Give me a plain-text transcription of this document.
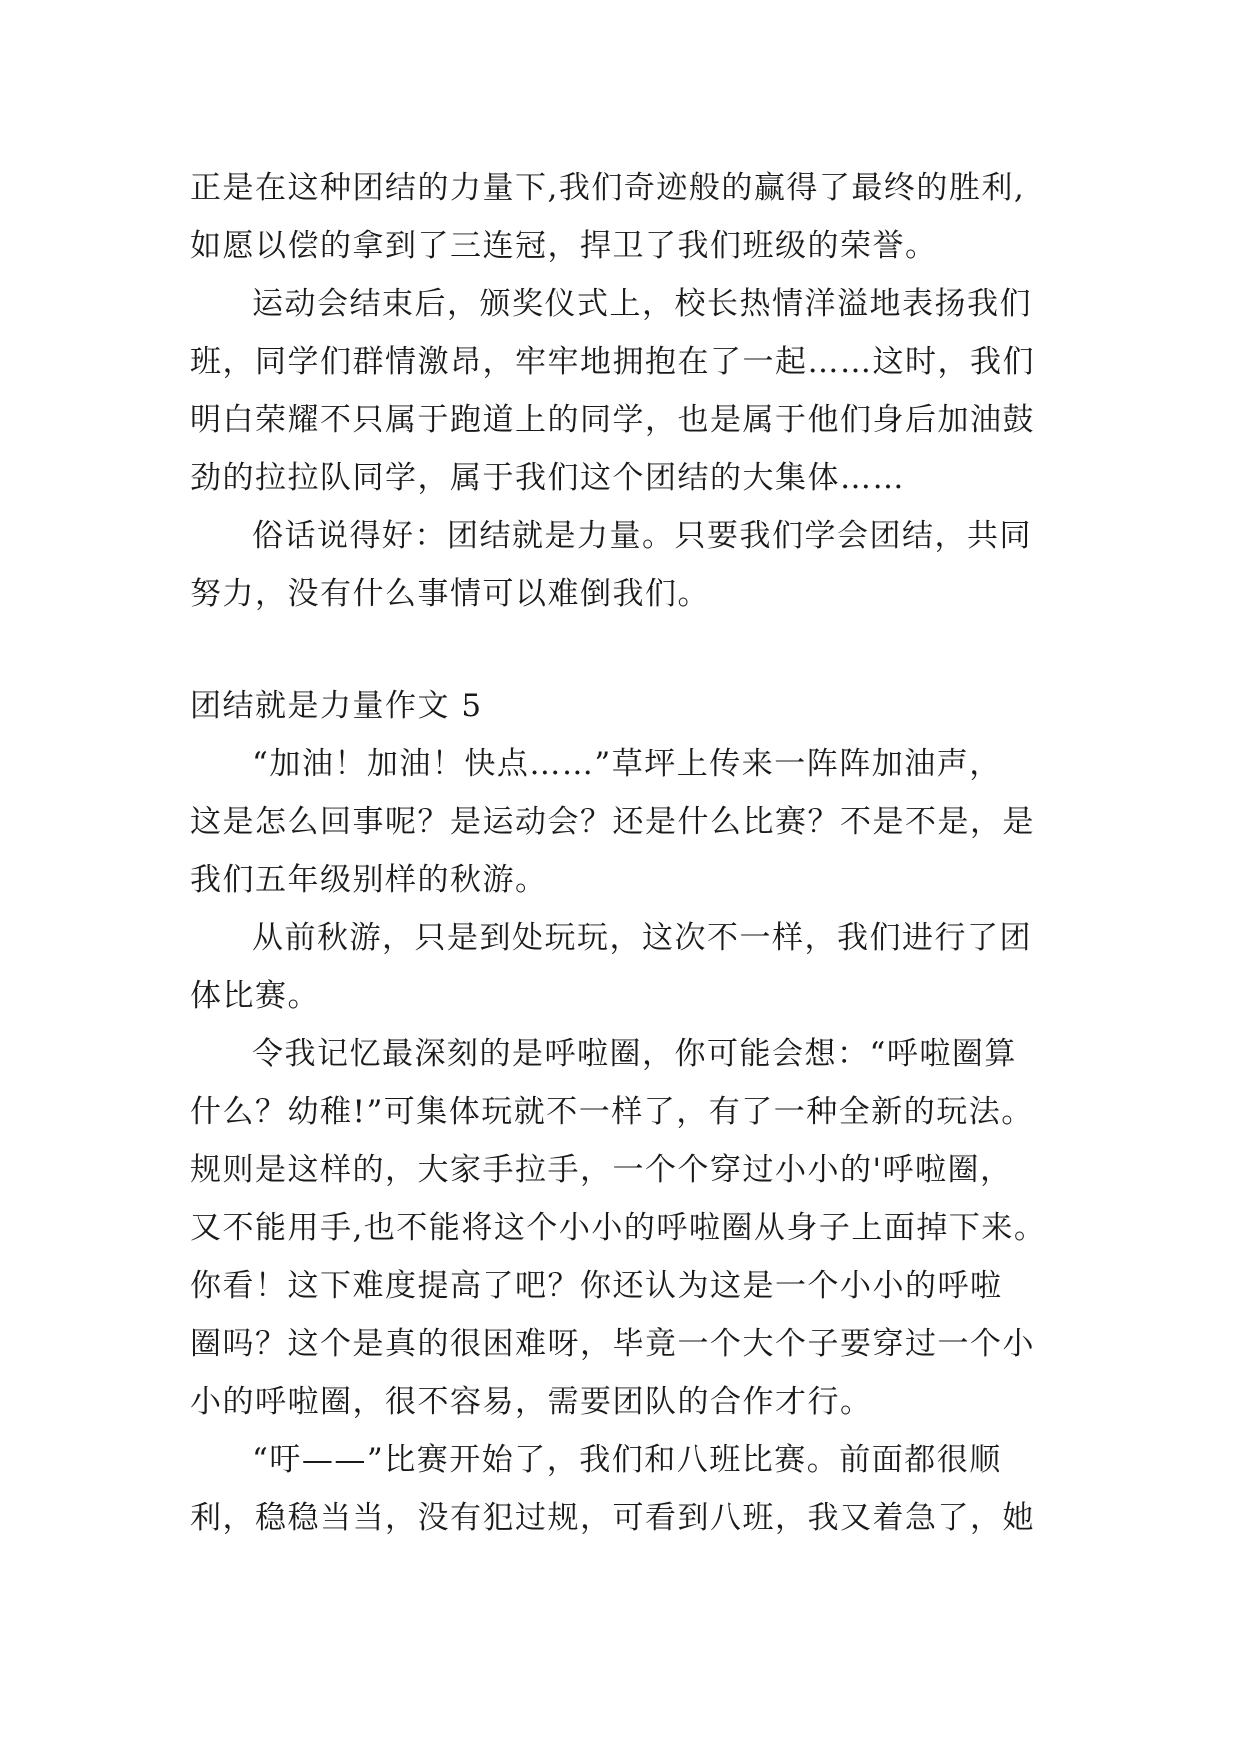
正是在这种团结的力量下,我们奇迹般的赢得了最终的胜利,
如愿以偿的拿到了三连冠，捍卫了我们班级的荣誉。
运动会结束后，颁奖仪式上，校长热情洋溢地表扬我们
班，同学们群情激昂，牢牢地拥抱在了一起……这时，我们
明白荣耀不只属于跑道上的同学，也是属于他们身后加油鼓
劲的拉拉队同学，属于我们这个团结的大集体……
俗话说得好：团结就是力量。只要我们学会团结，共同
努力，没有什么事情可以难倒我们。
团结就是力量作文 5
“加油！加油！快点……”草坪上传来一阵阵加油声，
这是怎么回事呢？是运动会？还是什么比赛？不是不是，是
我们五年级别样的秋游。
从前秋游，只是到处玩玩，这次不一样，我们进行了团
体比赛。
令我记忆最深刻的是呼啦圈，你可能会想：“呼啦圈算
什么？幼稚!”可集体玩就不一样了，有了一种全新的玩法。
规则是这样的，大家手拉手，一个个穿过小小的'呼啦圈，
又不能用手,也不能将这个小小的呼啦圈从身子上面掉下来。
你看！这下难度提高了吧？你还认为这是一个小小的呼啦
圈吗？这个是真的很困难呀，毕竟一个大个子要穿过一个小
小的呼啦圈，很不容易，需要团队的合作才行。
“吁——”比赛开始了，我们和八班比赛。前面都很顺
利，稳稳当当，没有犯过规，可看到八班，我又着急了，她
